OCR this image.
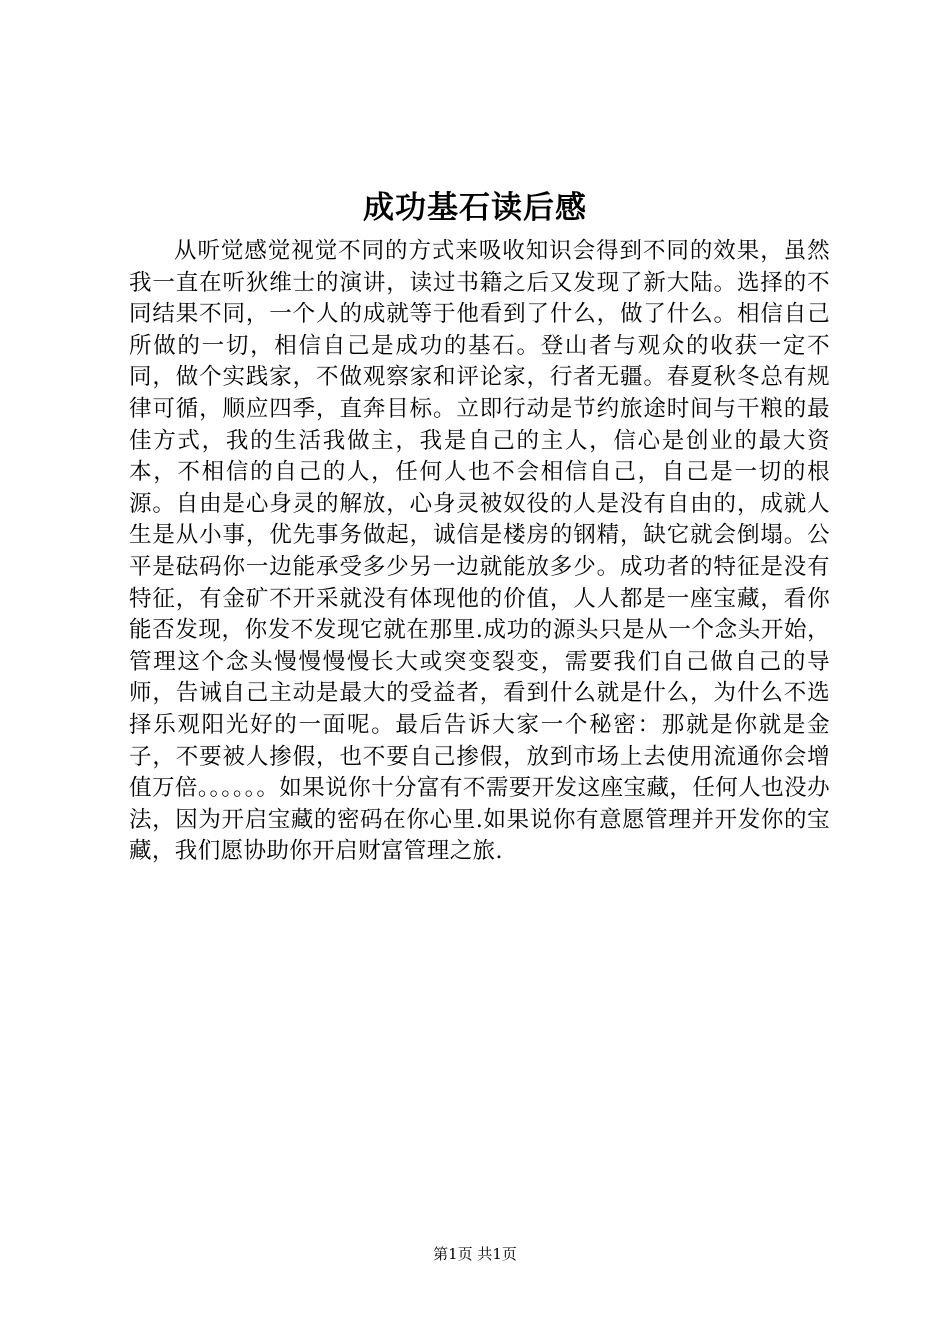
成功基石读后感

从听觉感觉视觉不同的方式来吸收知识会得到不同的效果，虽然我一直在听狄维士的演讲，读过书籍之后又发现了新大陆。选择的不同结果不同，一个人的成就等于他看到了什么，做了什么。相信自己所做的一切，相信自己是成功的基石。登山者与观众的收获一定不同，做个实践家，不做观察家和评论家，行者无疆。春夏秋冬总有规律可循，顺应四季，直奔目标。立即行动是节约旅途时间与干粮的最佳方式，我的生活我做主，我是自己的主人，信心是创业的最大资本，不相信的自己的人，任何人也不会相信自己，自己是一切的根源。自由是心身灵的解放，心身灵被奴役的人是没有自由的，成就人生是从小事，优先事务做起，诚信是楼房的钢精，缺它就会倒塌。公平是砝码你一边能承受多少另一边就能放多少。成功者的特征是没有特征，有金矿不开采就没有体现他的价值，人人都是一座宝藏，看你能否发现，你发不发现它就在那里.成功的源头只是从一个念头开始，管理这个念头慢慢慢慢长大或突变裂变，需要我们自己做自己的导师，告诫自己主动是最大的受益者，看到什么就是什么，为什么不选择乐观阳光好的一面呢。最后告诉大家一个秘密：那就是你就是金子，不要被人掺假，也不要自己掺假，放到市场上去使用流通你会增值万倍。。。。。。如果说你十分富有不需要开发这座宝藏，任何人也没办法，因为开启宝藏的密码在你心里.如果说你有意愿管理并开发你的宝藏，我们愿协助你开启财富管理之旅.

第1页 共1页
